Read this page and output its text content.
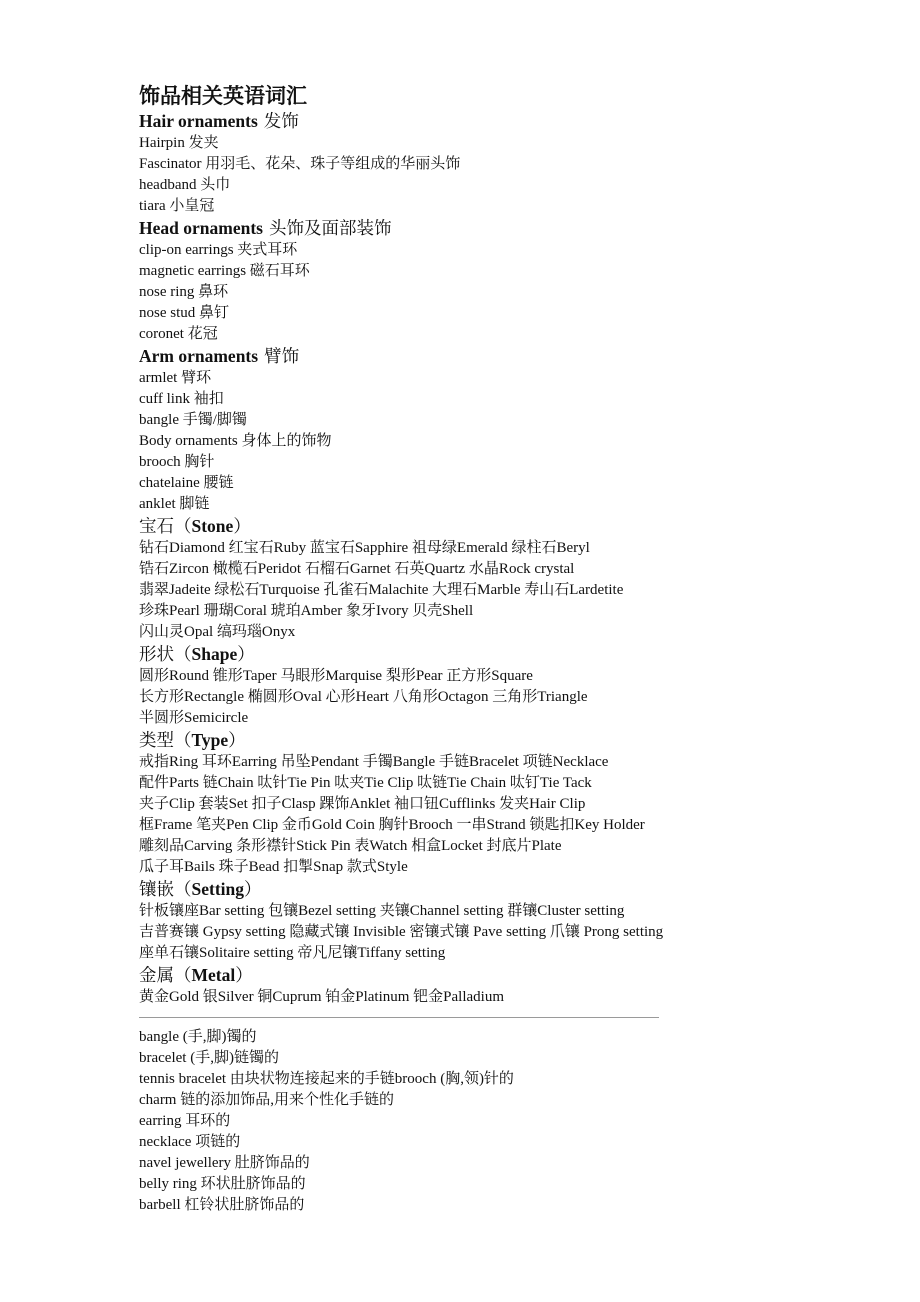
饰品相关英语词汇
Hair ornaments 发饰
Hairpin 发夹
Fascinator 用羽毛、花朵、珠子等组成的华丽头饰
headband 头巾
tiara 小皇冠
Head ornaments 头饰及面部装饰
clip-on earrings 夹式耳环
magnetic earrings 磁石耳环
nose ring 鼻环
nose stud 鼻钉
coronet 花冠
Arm ornaments 臂饰
armlet 臂环
cuff link 袖扣
bangle 手镯/脚镯
Body ornaments 身体上的饰物
brooch 胸针
chatelaine 腰链
anklet 脚链
宝石（Stone）
钻石Diamond 红宝石Ruby 蓝宝石Sapphire 祖母绿Emerald 绿柱石Beryl
锆石Zircon 橄榄石Peridot 石榴石Garnet 石英Quartz 水晶Rock crystal
翡翠Jadeite 绿松石Turquoise 孔雀石Malachite 大理石Marble 寿山石Lardetite
珍珠Pearl 珊瑚Coral 琥珀Amber 象牙Ivory 贝壳Shell
闪山灵Opal 缟玛瑙Onyx
形状（Shape）
圆形Round 锥形Taper 马眼形Marquise 梨形Pear 正方形Square
长方形Rectangle 椭圆形Oval 心形Heart 八角形Octagon 三角形Triangle
半圆形Semicircle
类型（Type）
戒指Ring 耳环Earring 吊坠Pendant 手镯Bangle 手链Bracelet 项链Necklace
配件Parts 链Chain 呔针Tie Pin 呔夹Tie Clip 呔链Tie Chain 呔钉Tie Tack
夹子Clip 套装Set 扣子Clasp 踝饰Anklet 袖口钮Cufflinks 发夹Hair Clip
框Frame 笔夹Pen Clip 金币Gold Coin 胸针Brooch 一串Strand 锁匙扣Key Holder
雕刻品Carving 条形襟针Stick Pin 表Watch 相盒Locket 封底片Plate
瓜子耳Bails 珠子Bead 扣掣Snap 款式Style
镶嵌（Setting）
针板镶座Bar setting 包镶Bezel setting 夹镶Channel setting 群镶Cluster setting
吉普赛镶 Gypsy setting 隐藏式镶 Invisible 密镶式镶 Pave setting 爪镶 Prong setting
座单石镶Solitaire setting 帝凡尼镶Tiffany setting
金属（Metal）
黄金Gold 银Silver 铜Cuprum 铂金Platinum 钯金Palladium
bangle (手,脚)镯的
bracelet (手,脚)链镯的
tennis bracelet 由块状物连接起来的手链brooch (胸,领)针的
charm 链的添加饰品,用来个性化手链的
earring 耳环的
necklace 项链的
navel jewellery 肚脐饰品的
belly ring 环状肚脐饰品的
barbell 杠铃状肚脐饰品的
